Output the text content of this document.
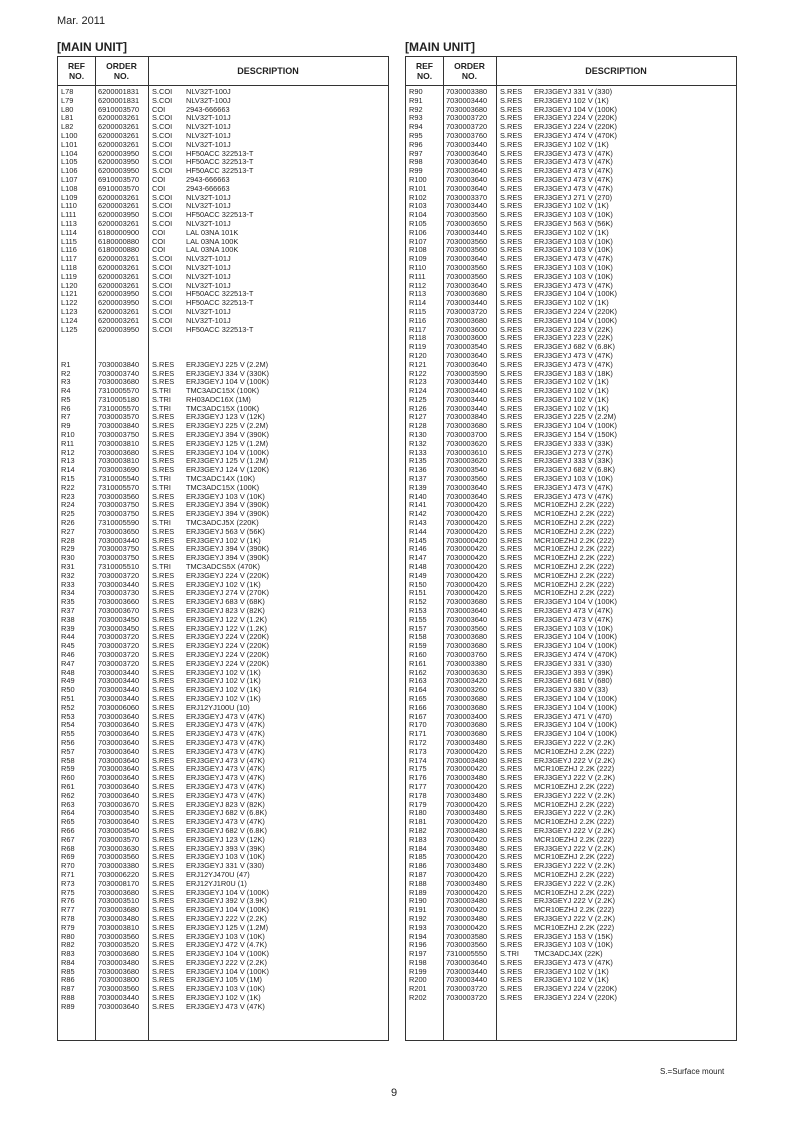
Mar. 2011
[MAIN UNIT]	[MAIN UNIT]
REF
NO.
ORDER
NO.	DESCRIPTION
L78	6200001831 S.COI NLV32T-100J
L79	6200001831 S.COI NLV32T-100J
L80	6910003570 COI	2943-666663
L81	6200003261 S.COI NLV32T-101J
L82	6200003261 S.COI NLV32T-101J
L100	6200003261 S.COI NLV32T-101J
L101	6200003261 S.COI NLV32T-101J
L104	6200003950 S.COI HF50ACC 322513-T
L105	6200003950 S.COI HF50ACC 322513-T
L106	6200003950 S.COI HF50ACC 322513-T
L107	6910003570 COI	2943-666663
L108	6910003570 COI	2943-666663
L109	6200003261 S.COI NLV32T-101J
L110	6200003261 S.COI NLV32T-101J
L111	6200003950 S.COI HF50ACC 322513-T
L113	6200003261 S.COI NLV32T-101J
L114	6180000900 COI	LAL 03NA 101K
L115	6180000880 COI	LAL 03NA 100K
L116	6180000880 COI	LAL 03NA 100K
L117	6200003261 S.COI NLV32T-101J
L118	6200003261 S.COI NLV32T-101J
L119	6200003261 S.COI NLV32T-101J
L120	6200003261 S.COI NLV32T-101J
L121	6200003950 S.COI HF50ACC 322513-T
L122	6200003950 S.COI HF50ACC 322513-T
L123	6200003261 S.COI NLV32T-101J
L124	6200003261 S.COI NLV32T-101J
L125	6200003950 S.COI HF50ACC 322513-T
R1	7030003840 S.RES ERJ3GEYJ 225 V (2.2M)
R2	7030003740 S.RES ERJ3GEYJ 334 V (330K)
R3	7030003680 S.RES ERJ3GEYJ 104 V (100K)
R4	7310005570 S.TRI TMC3ADC15X (100K)
R5	7310005180 S.TRI RH03ADC16X (1M)
R6	7310005570 S.TRI TMC3ADC15X (100K)
R7	7030003570 S.RES ERJ3GEYJ 123 V (12K)
R9	7030003840 S.RES ERJ3GEYJ 225 V (2.2M)
R10	7030003750 S.RES ERJ3GEYJ 394 V (390K)
R11	7030003810 S.RES ERJ3GEYJ 125 V (1.2M)
R12	7030003680 S.RES ERJ3GEYJ 104 V (100K)
R13	7030003810 S.RES ERJ3GEYJ 125 V (1.2M)
R14	7030003690 S.RES ERJ3GEYJ 124 V (120K)
R15	7310005540 S.TRI TMC3ADC14X (10K)
R22	7310005570 S.TRI TMC3ADC15X (100K)
R23	7030003560 S.RES ERJ3GEYJ 103 V (10K)
R24	7030003750 S.RES ERJ3GEYJ 394 V (390K)
R25	7030003750 S.RES ERJ3GEYJ 394 V (390K)
R26	7310005590 S.TRI TMC3ADCJ5X (220K)
R27	7030003650 S.RES ERJ3GEYJ 563 V (56K)
R28	7030003440 S.RES ERJ3GEYJ 102 V (1K)
R29	7030003750 S.RES ERJ3GEYJ 394 V (390K)
R30	7030003750 S.RES ERJ3GEYJ 394 V (390K)
R31	7310005510 S.TRI TMC3ADCS5X (470K)
R32	7030003720 S.RES ERJ3GEYJ 224 V (220K)
R33	7030003440 S.RES ERJ3GEYJ 102 V (1K)
R34	7030003730 S.RES ERJ3GEYJ 274 V (270K)
R35	7030003660 S.RES ERJ3GEYJ 683 V (68K)
R37	7030003670 S.RES ERJ3GEYJ 823 V (82K)
R38	7030003450 S.RES ERJ3GEYJ 122 V (1.2K)
R39	7030003450 S.RES ERJ3GEYJ 122 V (1.2K)
R44	7030003720 S.RES ERJ3GEYJ 224 V (220K)
R45	7030003720 S.RES ERJ3GEYJ 224 V (220K)
R46	7030003720 S.RES ERJ3GEYJ 224 V (220K)
R47	7030003720 S.RES ERJ3GEYJ 224 V (220K)
R48	7030003440 S.RES ERJ3GEYJ 102 V (1K)
R49	7030003440 S.RES ERJ3GEYJ 102 V (1K)
R50	7030003440 S.RES ERJ3GEYJ 102 V (1K)
R51	7030003440 S.RES ERJ3GEYJ 102 V (1K)
R52	7030006060 S.RES ERJ12YJ100U (10)
R53	7030003640 S.RES ERJ3GEYJ 473 V (47K)
R54	7030003640 S.RES ERJ3GEYJ 473 V (47K)
R55	7030003640 S.RES ERJ3GEYJ 473 V (47K)
R56	7030003640 S.RES ERJ3GEYJ 473 V (47K)
R57	7030003640 S.RES ERJ3GEYJ 473 V (47K)
R58	7030003640 S.RES ERJ3GEYJ 473 V (47K)
R59	7030003640 S.RES ERJ3GEYJ 473 V (47K)
R60	7030003640 S.RES ERJ3GEYJ 473 V (47K)
R61	7030003640 S.RES ERJ3GEYJ 473 V (47K)
R62	7030003640 S.RES ERJ3GEYJ 473 V (47K)
R63	7030003670 S.RES ERJ3GEYJ 823 V (82K)
R64	7030003540 S.RES ERJ3GEYJ 682 V (6.8K)
R65	7030003640 S.RES ERJ3GEYJ 473 V (47K)
R66	7030003540 S.RES ERJ3GEYJ 682 V (6.8K)
R67	7030003570 S.RES ERJ3GEYJ 123 V (12K)
R68	7030003630 S.RES ERJ3GEYJ 393 V (39K)
R69	7030003560 S.RES ERJ3GEYJ 103 V (10K)
R70	7030003380 S.RES ERJ3GEYJ 331 V (330)
R71	7030006220 S.RES ERJ12YJ470U (47)
R73	7030008170 S.RES ERJ12YJ1R0U (1)
R75	7030003680 S.RES ERJ3GEYJ 104 V (100K)
R76	7030003510 S.RES ERJ3GEYJ 392 V (3.9K)
R77	7030003680 S.RES ERJ3GEYJ 104 V (100K)
R78	7030003480 S.RES ERJ3GEYJ 222 V (2.2K)
R79	7030003810 S.RES ERJ3GEYJ 125 V (1.2M)
R80	7030003560 S.RES ERJ3GEYJ 103 V (10K)
R82	7030003520 S.RES ERJ3GEYJ 472 V (4.7K)
R83	7030003680 S.RES ERJ3GEYJ 104 V (100K)
R84	7030003480 S.RES ERJ3GEYJ 222 V (2.2K)
R85	7030003680 S.RES ERJ3GEYJ 104 V (100K)
R86	7030003800 S.RES ERJ3GEYJ 105 V (1M)
R87	7030003560 S.RES ERJ3GEYJ 103 V (10K)
R88	7030003440 S.RES ERJ3GEYJ 102 V (1K)
R89	7030003640 S.RES ERJ3GEYJ 473 V (47K)
REF
NO.
ORDER
NO.	DESCRIPTION
R90	7030003380 S.RES ERJ3GEYJ 331 V (330)
R91	7030003440 S.RES ERJ3GEYJ 102 V (1K)
R92	7030003680 S.RES ERJ3GEYJ 104 V (100K)
R93	7030003720 S.RES ERJ3GEYJ 224 V (220K)
R94	7030003720 S.RES ERJ3GEYJ 224 V (220K)
R95	7030003760 S.RES ERJ3GEYJ 474 V (470K)
R96	7030003440 S.RES ERJ3GEYJ 102 V (1K)
R97	7030003640 S.RES ERJ3GEYJ 473 V (47K)
R98	7030003640 S.RES ERJ3GEYJ 473 V (47K)
R99	7030003640 S.RES ERJ3GEYJ 473 V (47K)
R100	7030003640 S.RES ERJ3GEYJ 473 V (47K)
R101	7030003640 S.RES ERJ3GEYJ 473 V (47K)
R102	7030003370 S.RES ERJ3GEYJ 271 V (270)
R103	7030003440 S.RES ERJ3GEYJ 102 V (1K)
R104	7030003560 S.RES ERJ3GEYJ 103 V (10K)
R105	7030003650 S.RES ERJ3GEYJ 563 V (56K)
R106	7030003440 S.RES ERJ3GEYJ 102 V (1K)
R107	7030003560 S.RES ERJ3GEYJ 103 V (10K)
R108	7030003560 S.RES ERJ3GEYJ 103 V (10K)
R109	7030003640 S.RES ERJ3GEYJ 473 V (47K)
R110	7030003560 S.RES ERJ3GEYJ 103 V (10K)
R111	7030003560 S.RES ERJ3GEYJ 103 V (10K)
R112	7030003640 S.RES ERJ3GEYJ 473 V (47K)
R113	7030003680 S.RES ERJ3GEYJ 104 V (100K)
R114	7030003440 S.RES ERJ3GEYJ 102 V (1K)
R115	7030003720 S.RES ERJ3GEYJ 224 V (220K)
R116	7030003680 S.RES ERJ3GEYJ 104 V (100K)
R117	7030003600 S.RES ERJ3GEYJ 223 V (22K)
R118	7030003600 S.RES ERJ3GEYJ 223 V (22K)
R119	7030003540 S.RES ERJ3GEYJ 682 V (6.8K)
R120	7030003640 S.RES ERJ3GEYJ 473 V (47K)
R121	7030003640 S.RES ERJ3GEYJ 473 V (47K)
R122	7030003590 S.RES ERJ3GEYJ 183 V (18K)
R123	7030003440 S.RES ERJ3GEYJ 102 V (1K)
R124	7030003440 S.RES ERJ3GEYJ 102 V (1K)
R125	7030003440 S.RES ERJ3GEYJ 102 V (1K)
R126	7030003440 S.RES ERJ3GEYJ 102 V (1K)
R127	7030003840 S.RES ERJ3GEYJ 225 V (2.2M)
R128	7030003680 S.RES ERJ3GEYJ 104 V (100K)
R130	7030003700 S.RES ERJ3GEYJ 154 V (150K)
R132	7030003620 S.RES ERJ3GEYJ 333 V (33K)
R133	7030003610 S.RES ERJ3GEYJ 273 V (27K)
R135	7030003620 S.RES ERJ3GEYJ 333 V (33K)
R136	7030003540 S.RES ERJ3GEYJ 682 V (6.8K)
R137	7030003560 S.RES ERJ3GEYJ 103 V (10K)
R139	7030003640 S.RES ERJ3GEYJ 473 V (47K)
R140	7030003640 S.RES ERJ3GEYJ 473 V (47K)
R141	7030000420 S.RES MCR10EZHJ 2.2K (222)
R142	7030000420 S.RES MCR10EZHJ 2.2K (222)
R143	7030000420 S.RES MCR10EZHJ 2.2K (222)
R144	7030000420 S.RES MCR10EZHJ 2.2K (222)
R145	7030000420 S.RES MCR10EZHJ 2.2K (222)
R146	7030000420 S.RES MCR10EZHJ 2.2K (222)
R147	7030000420 S.RES MCR10EZHJ 2.2K (222)
R148	7030000420 S.RES MCR10EZHJ 2.2K (222)
R149	7030000420 S.RES MCR10EZHJ 2.2K (222)
R150	7030000420 S.RES MCR10EZHJ 2.2K (222)
R151	7030000420 S.RES MCR10EZHJ 2.2K (222)
R152	7030003680 S.RES ERJ3GEYJ 104 V (100K)
R153	7030003640 S.RES ERJ3GEYJ 473 V (47K)
R155	7030003640 S.RES ERJ3GEYJ 473 V (47K)
R157	7030003560 S.RES ERJ3GEYJ 103 V (10K)
R158	7030003680 S.RES ERJ3GEYJ 104 V (100K)
R159	7030003680 S.RES ERJ3GEYJ 104 V (100K)
R160	7030003760 S.RES ERJ3GEYJ 474 V (470K)
R161	7030003380 S.RES ERJ3GEYJ 331 V (330)
R162	7030003630 S.RES ERJ3GEYJ 393 V (39K)
R163	7030003420 S.RES ERJ3GEYJ 681 V (680)
R164	7030003260 S.RES ERJ3GEYJ 330 V (33)
R165	7030003680 S.RES ERJ3GEYJ 104 V (100K)
R166	7030003680 S.RES ERJ3GEYJ 104 V (100K)
R167	7030003400 S.RES ERJ3GEYJ 471 V (470)
R170	7030003680 S.RES ERJ3GEYJ 104 V (100K)
R171	7030003680 S.RES ERJ3GEYJ 104 V (100K)
R172	7030003480 S.RES ERJ3GEYJ 222 V (2.2K)
R173	7030000420 S.RES MCR10EZHJ 2.2K (222)
R174	7030003480 S.RES ERJ3GEYJ 222 V (2.2K)
R175	7030000420 S.RES MCR10EZHJ 2.2K (222)
R176	7030003480 S.RES ERJ3GEYJ 222 V (2.2K)
R177	7030000420 S.RES MCR10EZHJ 2.2K (222)
R178	7030003480 S.RES ERJ3GEYJ 222 V (2.2K)
R179	7030000420 S.RES MCR10EZHJ 2.2K (222)
R180	7030003480 S.RES ERJ3GEYJ 222 V (2.2K)
R181	7030000420 S.RES MCR10EZHJ 2.2K (222)
R182	7030003480 S.RES ERJ3GEYJ 222 V (2.2K)
R183	7030000420 S.RES MCR10EZHJ 2.2K (222)
R184	7030003480 S.RES ERJ3GEYJ 222 V (2.2K)
R185	7030000420 S.RES MCR10EZHJ 2.2K (222)
R186	7030003480 S.RES ERJ3GEYJ 222 V (2.2K)
R187	7030000420 S.RES MCR10EZHJ 2.2K (222)
R188	7030003480 S.RES ERJ3GEYJ 222 V (2.2K)
R189	7030000420 S.RES MCR10EZHJ 2.2K (222)
R190	7030003480 S.RES ERJ3GEYJ 222 V (2.2K)
R191	7030000420 S.RES MCR10EZHJ 2.2K (222)
R192	7030003480 S.RES ERJ3GEYJ 222 V (2.2K)
R193	7030000420 S.RES MCR10EZHJ 2.2K (222)
R194	7030003580 S.RES ERJ3GEYJ 153 V (15K)
R196	7030003560 S.RES ERJ3GEYJ 103 V (10K)
R197	7310005550 S.TRI TMC3ADCJ4X (22K)
R198	7030003640 S.RES ERJ3GEYJ 473 V (47K)
R199	7030003440 S.RES ERJ3GEYJ 102 V (1K)
R200	7030003440 S.RES ERJ3GEYJ 102 V (1K)
R201	7030003720 S.RES ERJ3GEYJ 224 V (220K)
R202	7030003720 S.RES ERJ3GEYJ 224 V (220K)
S.=Surface mount
9
